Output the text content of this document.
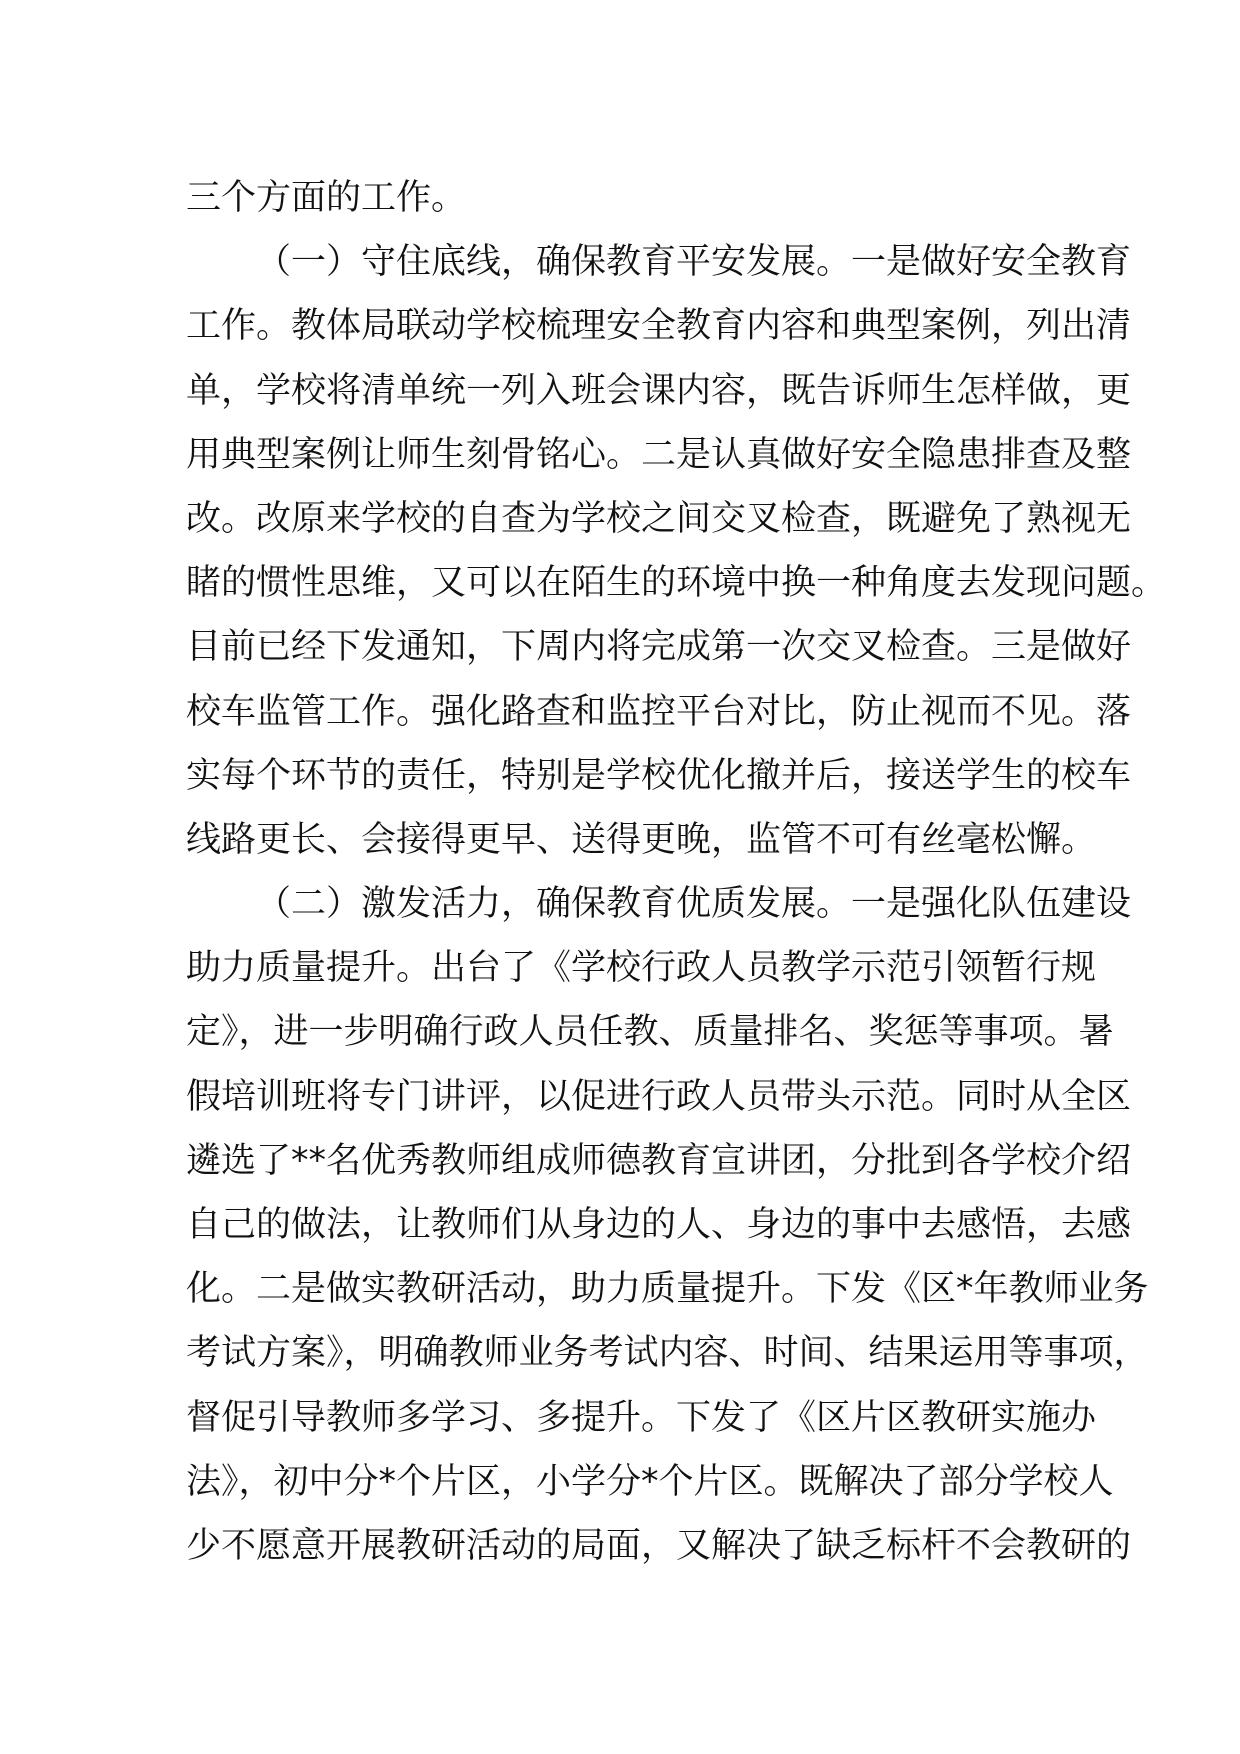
三个方面的工作。
（一）守住底线，确保教育平安发展。一是做好安全教育
工作。教体局联动学校梳理安全教育内容和典型案例，列出清
单，学校将清单统一列入班会课内容，既告诉师生怎样做，更
用典型案例让师生刻骨铭心。二是认真做好安全隐患排查及整
改。改原来学校的自查为学校之间交叉检查，既避免了熟视无
睹的惯性思维，又可以在陌生的环境中换一种角度去发现问题。
目前已经下发通知，下周内将完成第一次交叉检查。三是做好
校车监管工作。强化路查和监控平台对比，防止视而不见。落
实每个环节的责任，特别是学校优化撤并后，接送学生的校车
线路更长、会接得更早、送得更晚，监管不可有丝毫松懈。
（二）激发活力，确保教育优质发展。一是强化队伍建设
助力质量提升。出台了《学校行政人员教学示范引领暂行规
定》，进一步明确行政人员任教、质量排名、奖惩等事项。暑
假培训班将专门讲评，以促进行政人员带头示范。同时从全区
遴选了**名优秀教师组成师德教育宣讲团，分批到各学校介绍
自己的做法，让教师们从身边的人、身边的事中去感悟，去感
化。二是做实教研活动，助力质量提升。下发《区*年教师业务
考试方案》，明确教师业务考试内容、时间、结果运用等事项，
督促引导教师多学习、多提升。下发了《区片区教研实施办
法》，初中分*个片区，小学分*个片区。既解决了部分学校人
少不愿意开展教研活动的局面，又解决了缺乏标杆不会教研的
